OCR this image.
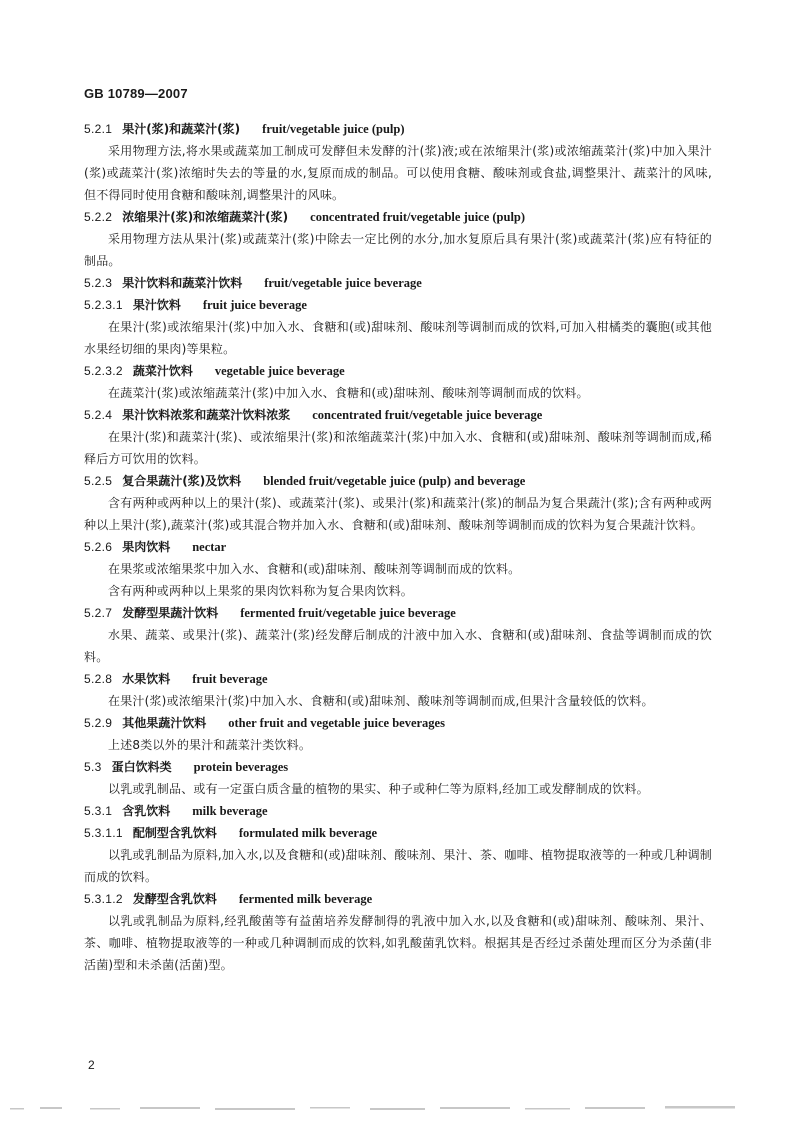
GB 10789—2007
5.2.1 果汁(浆)和蔬菜汁(浆) fruit/vegetable juice (pulp)
采用物理方法,将水果或蔬菜加工制成可发酵但未发酵的汁(浆)液;或在浓缩果汁(浆)或浓缩蔬菜汁(浆)中加入果汁(浆)或蔬菜汁(浆)浓缩时失去的等量的水,复原而成的制品。可以使用食糖、酸味剂或食盐,调整果汁、蔬菜汁的风味,但不得同时使用食糖和酸味剂,调整果汁的风味。
5.2.2 浓缩果汁(浆)和浓缩蔬菜汁(浆) concentrated fruit/vegetable juice (pulp)
采用物理方法从果汁(浆)或蔬菜汁(浆)中除去一定比例的水分,加水复原后具有果汁(浆)或蔬菜汁(浆)应有特征的制品。
5.2.3 果汁饮料和蔬菜汁饮料 fruit/vegetable juice beverage
5.2.3.1 果汁饮料 fruit juice beverage
在果汁(浆)或浓缩果汁(浆)中加入水、食糖和(或)甜味剂、酸味剂等调制而成的饮料,可加入柑橘类的囊胞(或其他水果经切细的果肉)等果粒。
5.2.3.2 蔬菜汁饮料 vegetable juice beverage
在蔬菜汁(浆)或浓缩蔬菜汁(浆)中加入水、食糖和(或)甜味剂、酸味剂等调制而成的饮料。
5.2.4 果汁饮料浓浆和蔬菜汁饮料浓浆 concentrated fruit/vegetable juice beverage
在果汁(浆)和蔬菜汁(浆)、或浓缩果汁(浆)和浓缩蔬菜汁(浆)中加入水、食糖和(或)甜味剂、酸味剂等调制而成,稀释后方可饮用的饮料。
5.2.5 复合果蔬汁(浆)及饮料 blended fruit/vegetable juice (pulp) and beverage
含有两种或两种以上的果汁(浆)、或蔬菜汁(浆)、或果汁(浆)和蔬菜汁(浆)的制品为复合果蔬汁(浆);含有两种或两种以上果汁(浆),蔬菜汁(浆)或其混合物并加入水、食糖和(或)甜味剂、酸味剂等调制而成的饮料为复合果蔬汁饮料。
5.2.6 果肉饮料 nectar
在果浆或浓缩果浆中加入水、食糖和(或)甜味剂、酸味剂等调制而成的饮料。
含有两种或两种以上果浆的果肉饮料称为复合果肉饮料。
5.2.7 发酵型果蔬汁饮料 fermented fruit/vegetable juice beverage
水果、蔬菜、或果汁(浆)、蔬菜汁(浆)经发酵后制成的汁液中加入水、食糖和(或)甜味剂、食盐等调制而成的饮料。
5.2.8 水果饮料 fruit beverage
在果汁(浆)或浓缩果汁(浆)中加入水、食糖和(或)甜味剂、酸味剂等调制而成,但果汁含量较低的饮料。
5.2.9 其他果蔬汁饮料 other fruit and vegetable juice beverages
上述8类以外的果汁和蔬菜汁类饮料。
5.3 蛋白饮料类 protein beverages
以乳或乳制品、或有一定蛋白质含量的植物的果实、种子或种仁等为原料,经加工或发酵制成的饮料。
5.3.1 含乳饮料 milk beverage
5.3.1.1 配制型含乳饮料 formulated milk beverage
以乳或乳制品为原料,加入水,以及食糖和(或)甜味剂、酸味剂、果汁、茶、咖啡、植物提取液等的一种或几种调制而成的饮料。
5.3.1.2 发酵型含乳饮料 fermented milk beverage
以乳或乳制品为原料,经乳酸菌等有益菌培养发酵制得的乳液中加入水,以及食糖和(或)甜味剂、酸味剂、果汁、茶、咖啡、植物提取液等的一种或几种调制而成的饮料,如乳酸菌乳饮料。根据其是否经过杀菌处理而区分为杀菌(非活菌)型和未杀菌(活菌)型。
2
